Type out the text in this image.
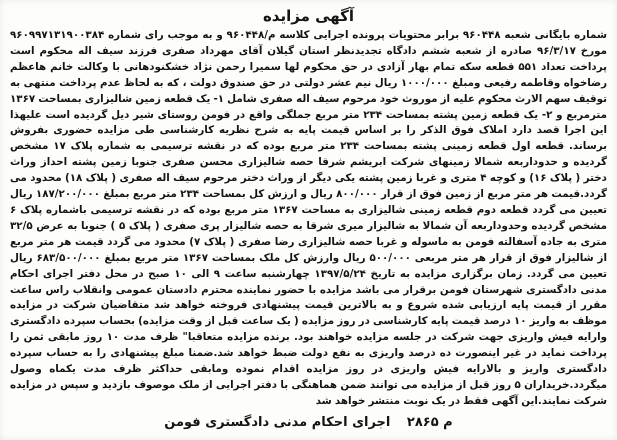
آگهی مزایده
شماره بایگانی شعبه ۹۶۰۴۴۸ برابر محتویات پرونده اجرایی کلاسه م/۹۶۰۴۴۸ و به موجب رای شماره ۹۶۰۹۹۷۱۳۱۹۰۰۳۸۴ مورخ ۹۶/۳/۱۷ صادره از شعبه ششم دادگاه تجدیدنظر استان گیلان آقای مهرداد صفری فرزند سیف اله محکوم است پرداخت تعداد ۵۵۱ قطعه سکه تمام بهار آزادی در حق محکوم لها سمیرا رحمن نژاد خشکنودهانی با وکالت خانم هاعظم رضاخواه وقاطمه رفیعی ومبلغ ۱۰۰۰/۰۰۰ ریال نیم عشر دولتی در حق صندوق دولت ، که به لحاظ عدم پرداخت منتهی به توقیف سهم الارث محکوم علیه از موروث خود مرحوم سیف اله صفری شامل ۱- یک قطعه زمین شالیزاری بمساحت ۱۳۶۷ مترمربع و ۲- یک قطعه زمین پشته بمساحت ۲۳۴ متر مربع جملگی واقع در فومن روستای شیر دیل گردیده است علیهذا این اجرا قصد دارد املاک فوق الذکر را بر اساس قیمت پایه به شرح نظریه کارشناسی طی مزایده حضوری بفروش برساند. قطعه اول قطعه زمینی پشته بمساحت ۲۳۴ متر مربع بوده که در نقشه ترسیمی به شماره پلاک ۱۷ مشخص گردیده و حدوداربعه شمالا زمینهای شرکت ابریشم شرقا حصه شالیزاری محسن صفری جنوبا زمین پشته احداز وراث دختر ( پلاک ۱۶) و کوچه ۴ متری و غربا زمین پشته یکی دیگر از وراث دختر مرحوم سیف اله صفری ( پلاک ۱۸) محدود می گردد.قیمت هر متر مربع از زمین فوق از قرار ۸۰۰/۰۰۰ ریال و ارزش کل بمساحت ۲۳۴ متر مربع بمبلغ ۱۸۷/۲۰۰/۰۰۰ ریال تعیین می گردد قطعه دوم قطعه زمینی شالیزاری به مساحت ۱۳۶۷ متر مربع بوده که در نقشه ترسیمی باشماره پلاک ۶ مشخص گردیده وحدوداربعه آن شمالا به شالیزار میری شرقا به حصه شالیزار پری صفری ( پلاک ۵ ) جنوبا به عرض ۳۲/۵ متری به جاده آسفالته فومن به ماسوله و غربا حصه شالیزاری رضا صفری ( پلاک ۷) محدود می گردد قیمت هر متر مربع از شالیزار فوق از قرار هر متر مربعی ۵۰۰/۰۰۰ ریال وارزش کل ملک بمساحت ۱۳۶۷ متر مربع بمبلغ ۶۸۳/۵۰۰/۰۰۰ ریال تعیین می گردد. زمان برگزاری مزایده به تاریخ ۱۳۹۷/۵/۲۴ چهارشنبه ساعت ۹ الی ۱۰ صبح در محل دفتر اجرای احکام مدنی دادگستری شهرستان فومن برقرار می باشد مزایده با حضور نماینده محترم دادستان عمومی وانقلاب راس ساعت مقرر از قیمت پایه ارزیابی شده شروع و به بالاترین قیمت پیشنهادی فروخته خواهد شد متقاضیان شرکت در مزایده موظف به واریز ۱۰ درصد قیمت پایه کارشناسی در روز مزایده ( یک ساعت قبل از وقت مزایده) بحساب سپرده دادگستری وارایه فیش واریزی جهت شرکت در جلسه مزایده خواهند بود. برنده مزایده متعاقبا" ظرف مدت ۱۰ روز مابقی ثمن را پرداخت نماید در غیر اینصورت ده درصد واریزی به نفع دولت ضبط خواهد شد.ضمنا مبلغ پیشنهادی را به حساب سپرده دادگستری واریز و بالارایه فیش واریزی در روز مزایده اقدام نموده ومابقی حداکثر ظرف مدت یکماه وصول میگردد.خریداران ۵ روز قبل از مزایده می توانند ضمن هماهنگی با دفتر اجرایی از ملک موصوف بازدید و سپس در مزایده شرکت نمایند.این آگهی فقط در یک نوبت منتشر خواهد شد
م ۲۸۶۵ اجرای احکام مدنی دادگستری فومن
